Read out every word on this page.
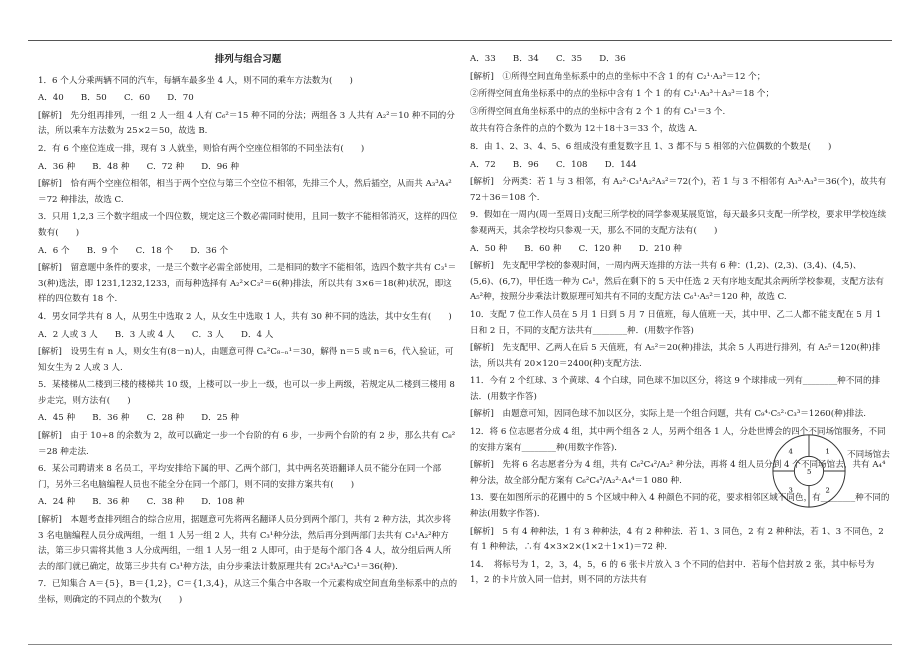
排列与组合习题
1．6 个人分乘两辆不同的汽车，每辆车最多坐 4 人，则不同的乘车方法数为(　　)
A．40　　B．50　　C．60　　D．70
[解析]　先分组再排列，一组 2 人一组 4 人有 C₆²＝15 种不同的分法；两组各 3 人共有 A₂²＝10 种不同的分法，所以乘车方法数为 25×2＝50，故选 B.
2．有 6 个座位连成一排，现有 3 人就坐，则恰有两个空座位相邻的不同坐法有(　　)
A．36 种　　B．48 种　　C．72 种　　D．96 种
[解析]　恰有两个空座位相邻，相当于两个空位与第三个空位不相邻，先排三个人，然后插空，从而共 A₃³A₄²＝72 种排法，故选 C.
3．只用 1,2,3 三个数字组成一个四位数，规定这三个数必需同时使用，且同一数字不能相邻消灭，这样的四位数有(　　)
A．6 个　　B．9 个　　C．18 个　　D．36 个
[解析]　留意题中条件的要求，一是三个数字必需全部使用，二是相同的数字不能相邻，选四个数字共有 C₃¹＝3(种)选法，即 1231,1232,1233，而每种选择有 A₂²×C₃²＝6(种)排法，所以共有 3×6＝18(种)状况，即这样的四位数有 18 个.
4．男女同学共有 8 人，从男生中选取 2 人，从女生中选取 1 人，共有 30 种不同的选法，其中女生有(　　)
A．2 人或 3 人　　B．3 人或 4 人　　C．3 人　　D．4 人
[解析]　设男生有 n 人，则女生有(8－n)人，由题意可得 Cₙ²C₈₋ₙ¹＝30，解得 n＝5 或 n＝6，代入验证，可知女生为 2 人或 3 人.
5．某楼梯从二楼到三楼的楼梯共 10 级，上楼可以一步上一级，也可以一步上两级，若规定从二楼到三楼用 8 步走完，则方法有(　　)
A．45 种　　B．36 种　　C．28 种　　D．25 种
[解析]　由于 10÷8 的余数为 2，故可以确定一步一个台阶的有 6 步，一步两个台阶的有 2 步，那么共有 C₈²＝28 种走法.
6．某公司聘请来 8 名员工，平均安排给下属的甲、乙两个部门，其中两名英语翻译人员不能分在同一个部门，另外三名电脑编程人员也不能全分在同一个部门，则不同的安排方案共有(　　)
A．24 种　　B．36 种　　C．38 种　　D．108 种
[解析]　本题考查排列组合的综合应用，据题意可先将两名翻译人员分到两个部门，共有 2 种方法，其次步将 3 名电脑编程人员分成两组，一组 1 人另一组 2 人，共有 C₃¹种分法，然后再分到两部门去共有 C₃¹A₂²种方法，第三步只需将其他 3 人分成两组，一组 1 人另一组 2 人即可，由于是每个部门各 4 人，故分组后两人所去的部门就已确定，故第三步共有 C₃¹种方法，由分步乘法计数原理共有 2C₃¹A₂²C₃¹＝36(种).
7．已知集合 A＝{5}，B＝{1,2}，C＝{1,3,4}，从这三个集合中各取一个元素构成空间直角坐标系中的点的坐标，则确定的不同点的个数为(　　)
A．33　　B．34　　C．35　　D．36
[解析]　①所得空间直角坐标系中的点的坐标中不含 1 的有 C₂¹·A₃³＝12 个；
②所得空间直角坐标系中的点的坐标中含有 1 个 1 的有 C₂¹·A₃³＋A₃³＝18 个；
③所得空间直角坐标系中的点的坐标中含有 2 个 1 的有 C₃¹＝3 个.
故共有符合条件的点的个数为 12＋18＋3＝33 个，故选 A.
8．由 1、2、3、4、5、6 组成没有重复数字且 1、3 都不与 5 相邻的六位偶数的个数是(　　)
A．72　　B．96　　C．108　　D．144
[解析]　分两类：若 1 与 3 相邻，有 A₂²·C₃¹A₂²A₃²＝72(个)，若 1 与 3 不相邻有 A₃³·A₃³＝36(个)，故共有 72＋36＝108 个.
9．假如在一周内(周一至周日)支配三所学校的同学参观某展览馆，每天最多只支配一所学校，要求甲学校连续参观两天，其余学校均只参观一天，那么不同的支配方法有(　　)
A．50 种　　B．60 种　　C．120 种　　D．210 种
[解析]　先支配甲学校的参观时间，一周内两天连排的方法一共有 6 种：(1,2)、(2,3)、(3,4)、(4,5)、(5,6)、(6,7)，甲任选一种为 C₆¹，然后在剩下的 5 天中任选 2 天有序地支配其余两所学校参观，支配方法有 A₅²种，按照分步乘法计数原理可知共有不同的支配方法 C₆¹·A₅²＝120 种，故选 C.
10．支配 7 位工作人员在 5 月 1 日到 5 月 7 日值班，每人值班一天，其中甲、乙二人都不能支配在 5 月 1 日和 2 日，不同的支配方法共有________种．(用数字作答)
[解析]　先支配甲、乙两人在后 5 天值班，有 A₅²＝20(种)排法，其余 5 人再进行排列，有 A₅⁵＝120(种)排法，所以共有 20×120＝2400(种)支配方法.
11．今有 2 个红球、3 个黄球、4 个白球，同色球不加以区分，将这 9 个球排成一列有________种不同的排法．(用数字作答)
[解析]　由题意可知，因同色球不加以区分，实际上是一个组合问题，共有 C₉⁴·C₅²·C₃³＝1260(种)排法.
12．将 6 位志愿者分成 4 组，其中两个组各 2 人，另两个组各 1 人，分赴世博会的四个不同场馆服务，不同的安排方案有________种(用数字作答)．
[解析]　先将 6 名志愿者分为 4 组，共有 C₆²C₄²/A₂² 种分法，再将 4 组人员分到 4 个不同场馆去，共有 A₄⁴种分法，故全部分配方案有 C₆²C₄²/A₂²·A₄⁴＝1 080 种.
13．要在如图所示的花圃中的 5 个区域中种入 4 种颜色不同的花，要求相邻区域不同色，有________种不同的种法(用数字作答)．
[解析]　5 有 4 种种法，1 有 3 种种法，4 有 2 种种法．若 1、3 同色，2 有 2 种种法，若 1、3 不同色，2 有 1 种种法，∴有 4×3×2×(1×2＋1×1)＝72 种.
14．　将标号为 1，2，3，4，5，6 的 6 张卡片放入 3 个不同的信封中．若每个信封放 2 张，其中标号为 1，2 的卡片放入同一信封，则不同的方法共有
1
2
3
4
5
不同场馆去
